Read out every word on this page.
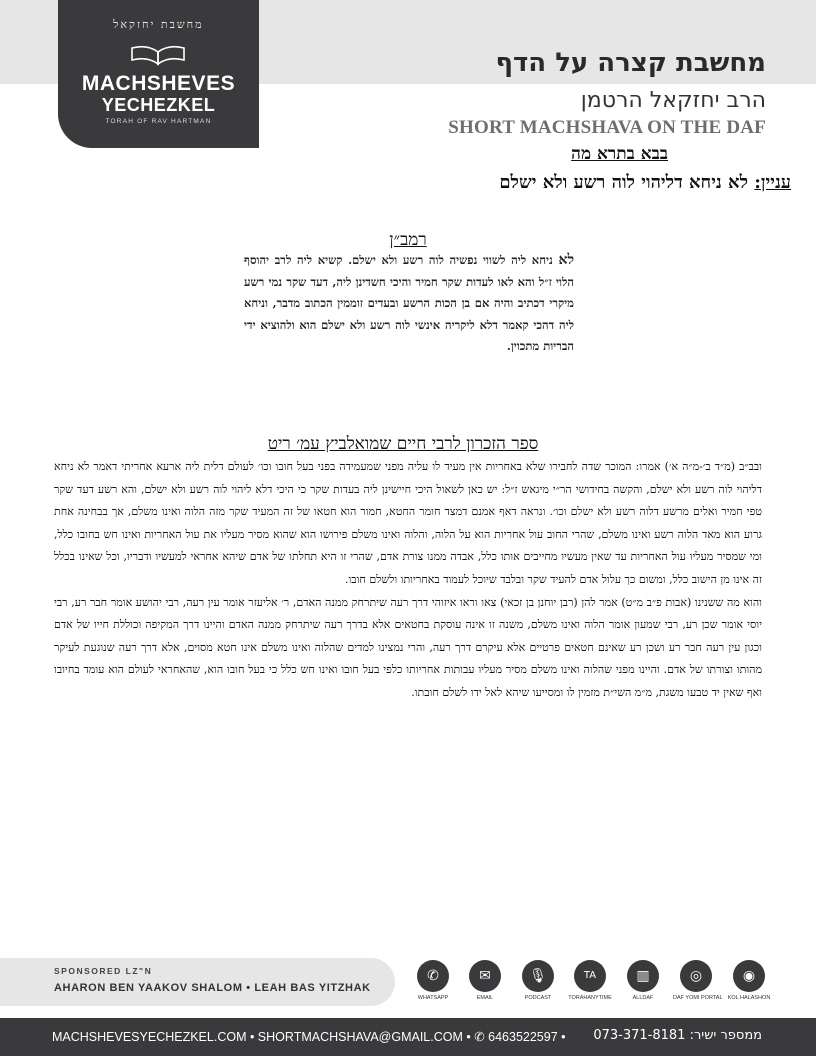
מחשבת יחזקאל
MACHSHEVES
YECHEZKEL
TORAH OF RAV HARTMAN
מחשבת קצרה על הדף
הרב יחזקאל הרטמן
SHORT MACHSHAVA ON THE DAF
בבא בתרא מה
עניין: לא ניחא דליהוי לוה רשע ולא ישלם
רמב״ן
לא ניחא ליה לשווי נפשיה לוה רשע ולא ישלם. קשיא ליה לרב יהוסף הלוי ז״ל והא לאו לעדות שקר חמיר והיכי חשדינן ליה, דעד שקר נמי רשע מיקרי דכתיב והיה אם בן הכות הרשע ובעדים זוממין הכתוב מדבר, וניחא ליה דהכי קאמר דלא ליקריה אינשי לוה רשע ולא ישלם הוא ולהוציא ידי הבריות מתכוין.
ספר הזכרון לרבי חיים שמואלביץ עמ׳ ריט

ובב״ב (מ״ד ב׳-מ״ה א׳) אמרו: המוכר שדה לחבירו שלא באחריות אין מעיד לו עליה מפני שמעמידה בפני בעל חובו וכו׳ לעולם דלית ליה ארעא אחריתי דאמר לא ניחא דליהוי לוה רשע ולא ישלם, והקשה בחידושי הר״י מיגאש ז״ל: יש כאן לשאול היכי חיישינן ליה בעדות שקר כי היכי דלא ליהוי לוה רשע ולא ישלם, והא רשע דעד שקר טפי חמיר ואלים מרשע דלוה רשע ולא ישלם וכו׳. ונראה דאף אמנם דמצד חומר החטא, חמור הוא חטאו של זה המעיד שקר מזה הלוה ואינו משלם, אך בבחינה אחת גרוע הוא מאד הלוה רשע ואינו משלם, שהרי החוב עול אחריות הוא על הלוה, והלוה ואינו משלם פירושו הוא שהוא מסיר מעליו את עול האחריות ואינו חש בחובו כלל, ומי שמסיר מעליו עול האחריות עד שאין מעשיו מחייבים אותו כלל, אבדה ממנו צורת אדם, שהרי זו היא תחלתו של אדם שיהא אחראי למעשיו ודבריו, וכל שאינו בכלל זה אינו מן הישוב כלל, ומשום כך עלול אדם להעיד שקר ובלבד שיוכל לעמוד באחריותו ולשלם חובו.

והוא מה ששנינו (אבות פ״ב מ״ט) אמר להן (רבן יוחנן בן זכאי) צאו וראו איזוהי דרך רעה שיתרחק ממנה האדם, ר׳ אליעזר אומר עין רעה, רבי יהושע אומר חבר רע, רבי יוסי אומר שכן רע, רבי שמעון אומר הלוה ואינו משלם, משנה זו אינה עוסקת בחטאים אלא בדרך רעה שיתרחק ממנה האדם והיינו דרך המקיפה וכוללת חייו של אדם וכגון עין רעה חבר רע ושכן רע שאינם חטאים פרטיים אלא עיקרם דרך רעה, והרי נמצינו למדים שהלוה ואינו משלם אינו חטא מסוים, אלא דרך רעה שנוגעת לעיקר מהותו וצורתו של אדם. והיינו מפני שהלוה ואינו משלם מסיר מעליו עבותות אחריותו כלפי בעל חובו ואינו חש כלל כי בעל חובו הוא, שהאחראי לעולם הוא עומד בחיובו ואף שאין יד טבעו משגת, מ״מ השי״ת מזמין לו ומסייעו שיהא לאל ידו לשלם חובתו.

SPONSORED LZ"N
AHARON BEN YAAKOV SHALOM • LEAH BAS YITZHAK
✆
WHATSAPP
✉
EMAIL
🎙
PODCAST
TA
TORAHANYTIME
▥
ALLDAF
◎
DAF YOMI PORTAL
◉
KOL HALASHON
MACHSHEVESYECHEZKEL.COM • SHORTMACHSHAVA@GMAIL.COM • ✆ 6463522597 • ממספר ישיר: 073-371-8181
